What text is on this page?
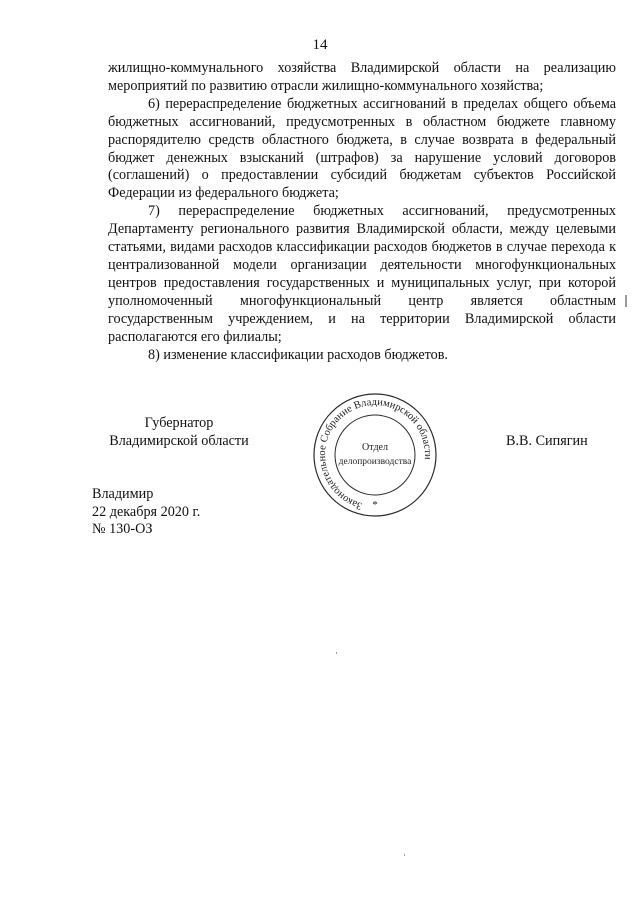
14

жилищно-коммунального хозяйства Владимирской области на реализацию мероприятий по развитию отрасли жилищно-коммунального хозяйства;

6) перераспределение бюджетных ассигнований в пределах общего объема бюджетных ассигнований, предусмотренных в областном бюджете главному распорядителю средств областного бюджета, в случае возврата в федеральный бюджет денежных взысканий (штрафов) за нарушение условий договоров (соглашений) о предоставлении субсидий бюджетам субъектов Российской Федерации из федерального бюджета;

7) перераспределение бюджетных ассигнований, предусмотренных Департаменту регионального развития Владимирской области, между целевыми статьями, видами расходов классификации расходов бюджетов в случае перехода к централизованной модели организации деятельности многофункциональных центров предоставления государственных и муниципальных услуг, при которой уполномоченный многофункциональный центр является областным государственным учреждением, и на территории Владимирской области располагаются его филиалы;

8) изменение классификации расходов бюджетов.

Губернатор
Владимирской области	В.В. Сипягин
Владимир
22 декабря 2020 г.
№ 130-ОЗ
Законодательное Собрание Владимирской области
*
Отдел
делопроизводства
